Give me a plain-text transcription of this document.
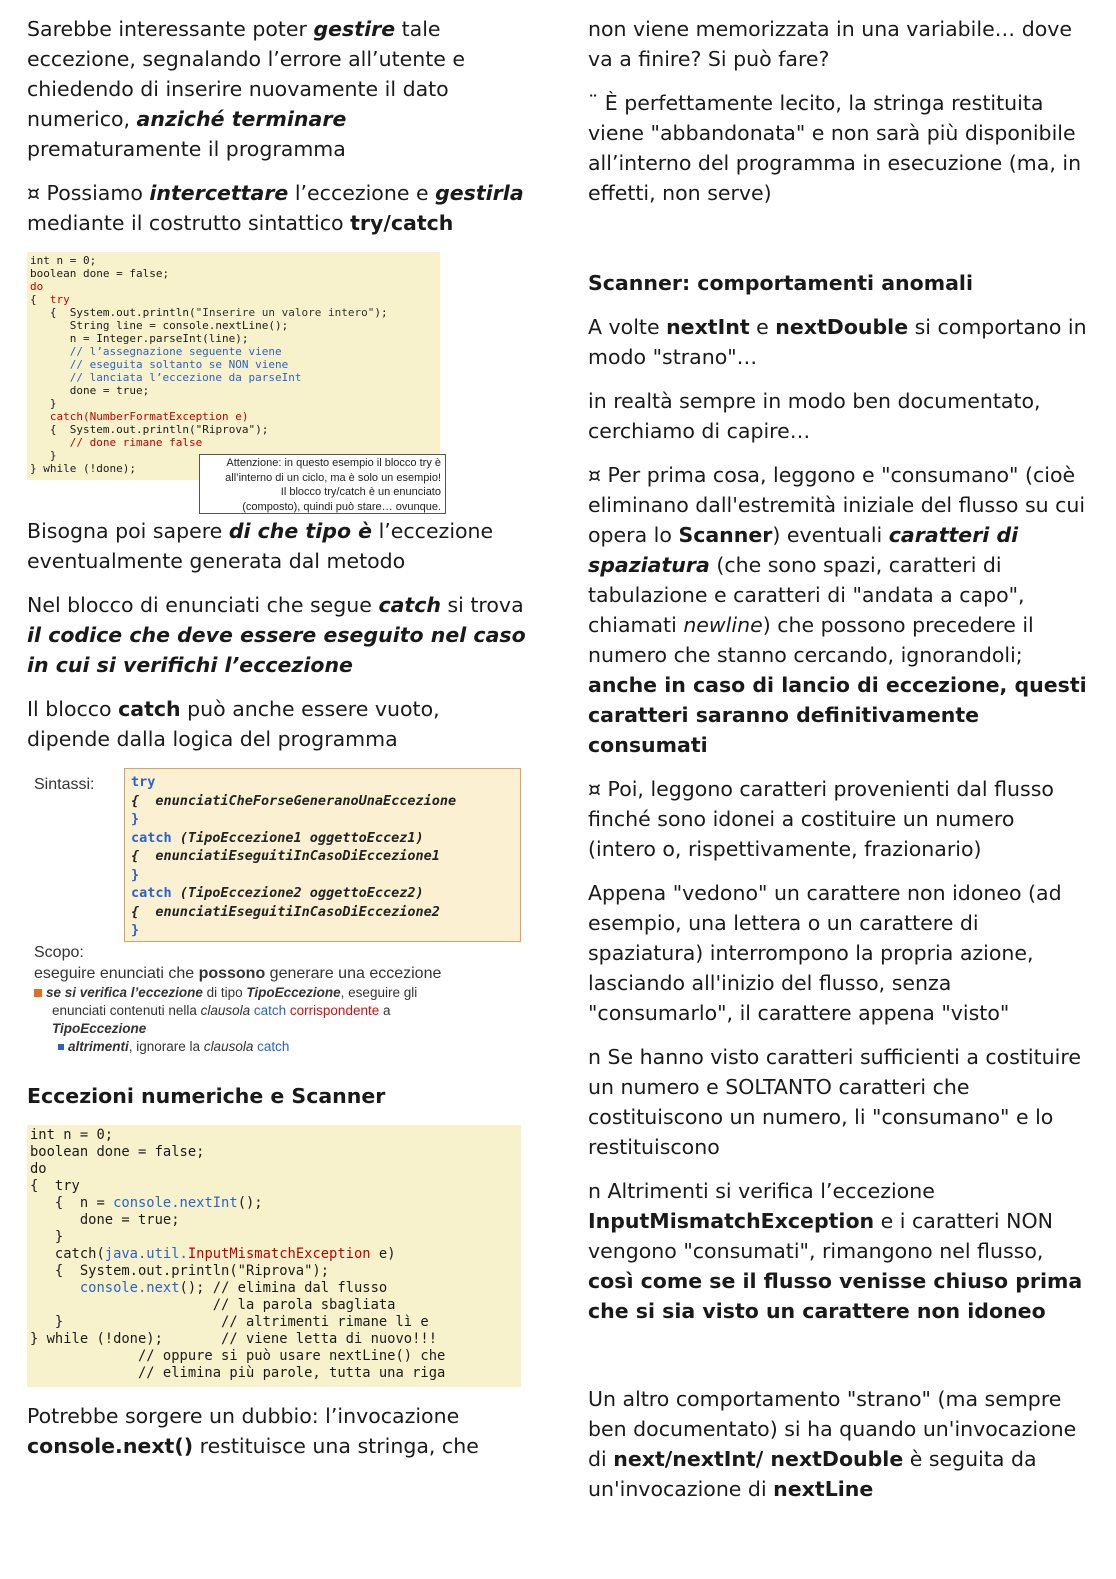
Sarebbe interessante poter gestire tale eccezione, segnalando l’errore all’utente e chiedendo di inserire nuovamente il dato numerico, anziché terminare prematuramente il programma

¤ Possiamo intercettare l’eccezione e gestirla mediante il costrutto sintattico try/catch

int n = 0;
boolean done = false;
do
{  try
{  System.out.println("Inserire un valore intero");
String line = console.nextLine();
n = Integer.parseInt(line);
// l’assegnazione seguente viene
// eseguita soltanto se NON viene
// lanciata l’eccezione da parseInt
done = true;
}
catch(NumberFormatException e)
{  System.out.println("Riprova");
// done rimane false
}
} while (!done);	Attenzione: in questo esempio il blocco try è
all’interno di un ciclo, ma è solo un esempio!
Il blocco try/catch è un enunciato
(composto), quindi può stare… ovunque.

Bisogna poi sapere di che tipo è l’eccezione eventualmente generata dal metodo

Nel blocco di enunciati che segue catch si trova il codice che deve essere eseguito nel caso in cui si verifichi l’eccezione

Il blocco catch può anche essere vuoto, dipende dalla logica del programma

Sintassi:	try
{  enunciatiCheForseGeneranoUnaEccezione
}
catch (TipoEccezione1 oggettoEccez1)
{  enunciatiEseguitiInCasoDiEccezione1
}
catch (TipoEccezione2 oggettoEccez2)
{  enunciatiEseguitiInCasoDiEccezione2
}
Scopo:
eseguire enunciati che possono generare una eccezione
se si verifica l’eccezione di tipo TipoEccezione, eseguire gli
enunciati contenuti nella clausola catch corrispondente a
TipoEccezione
altrimenti, ignorare la clausola catch
Eccezioni numeriche e Scanner
int n = 0;
boolean done = false;
do
{  try
{  n = console.nextInt();
done = true;
}
catch(java.util.InputMismatchException e)
{  System.out.println("Riprova");
console.next(); // elimina dal flusso
// la parola sbagliata
}                   // altrimenti rimane lì e
} while (!done);       // viene letta di nuovo!!!
// oppure si può usare nextLine() che
// elimina più parole, tutta una riga

Potrebbe sorgere un dubbio: l’invocazione console.next() restituisce una stringa, che

non viene memorizzata in una variabile… dove va a finire? Si può fare?

¨ È perfettamente lecito, la stringa restituita viene "abbandonata" e non sarà più disponibile all’interno del programma in esecuzione (ma, in effetti, non serve)

Scanner: comportamenti anomali

A volte nextInt e nextDouble si comportano in modo "strano"…

in realtà sempre in modo ben documentato, cerchiamo di capire…

¤ Per prima cosa, leggono e "consumano" (cioè eliminano dall'estremità iniziale del flusso su cui opera lo Scanner) eventuali caratteri di spaziatura (che sono spazi, caratteri di tabulazione e caratteri di "andata a capo", chiamati newline) che possono precedere il numero che stanno cercando, ignorandoli; anche in caso di lancio di eccezione, questi caratteri saranno definitivamente consumati

¤ Poi, leggono caratteri provenienti dal flusso finché sono idonei a costituire un numero (intero o, rispettivamente, frazionario)

Appena "vedono" un carattere non idoneo (ad esempio, una lettera o un carattere di spaziatura) interrompono la propria azione, lasciando all'inizio del flusso, senza "consumarlo", il carattere appena "visto"

n Se hanno visto caratteri sufficienti a costituire un numero e SOLTANTO caratteri che costituiscono un numero, li "consumano" e lo restituiscono

n Altrimenti si verifica l’eccezione InputMismatchException e i caratteri NON vengono "consumati", rimangono nel flusso, così come se il flusso venisse chiuso prima che si sia visto un carattere non idoneo

Un altro comportamento "strano" (ma sempre ben documentato) si ha quando un'invocazione di next/nextInt/ nextDouble è seguita da un'invocazione di nextLine
